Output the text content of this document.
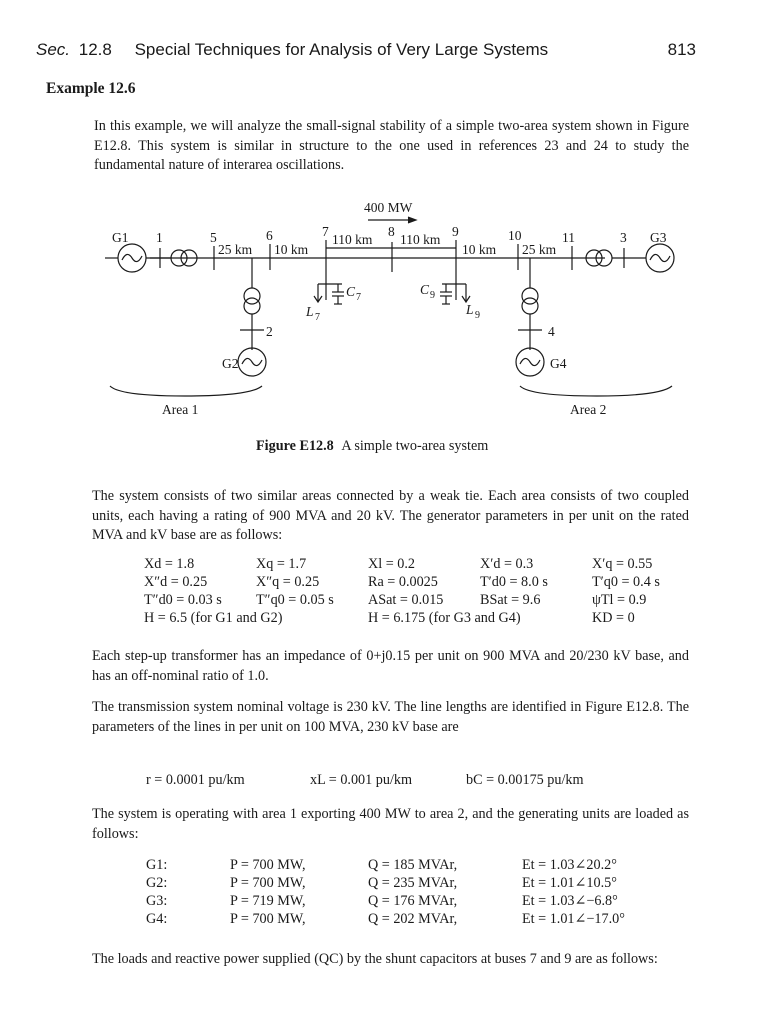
Sec. 12.8 Special Techniques for Analysis of Very Large Systems	813
Example 12.6
In this example, we will analyze the small-signal stability of a simple two-area system shown in Figure E12.8. This system is similar in structure to the one used in references 23 and 24 to study the fundamental nature of interarea oscillations.
400 MW
G1
G2
G3
G4
1	5	6	7	8	9	10	11	3
2	4
25 km 10 km
110 km 110 km
10 km 25 km
L 7
L 9
C 7
C 9
Area 1	Area 2
Figure E12.8 A simple two-area system
The system consists of two similar areas connected by a weak tie. Each area consists of two coupled units, each having a rating of 900 MVA and 20 kV. The generator parameters in per unit on the rated MVA and kV base are as follows:
Xd = 1.8	Xq = 1.7	Xl = 0.2	X′d = 0.3	X′q = 0.55
X″d = 0.25	X″q = 0.25	Ra = 0.0025	T′d0 = 8.0 s	T′q0 = 0.4 s
T″d0 = 0.03 s T″q0 = 0.05 s ASat = 0.015	BSat = 9.6	ψTl = 0.9
H = 6.5 (for G1 and G2)	H = 6.175 (for G3 and G4)	KD = 0
Each step-up transformer has an impedance of 0+j0.15 per unit on 900 MVA and 20/230 kV base, and has an off-nominal ratio of 1.0.
The transmission system nominal voltage is 230 kV. The line lengths are identified in Figure E12.8. The parameters of the lines in per unit on 100 MVA, 230 kV base are
r = 0.0001 pu/km	xL = 0.001 pu/km	bC = 0.00175 pu/km
The system is operating with area 1 exporting 400 MW to area 2, and the generating units are loaded as follows:
G1:	P = 700 MW,	Q = 185 MVAr,	Et = 1.03∠20.2°
G2:	P = 700 MW,	Q = 235 MVAr,	Et = 1.01∠10.5°
G3:	P = 719 MW,	Q = 176 MVAr,	Et = 1.03∠−6.8°
G4:	P = 700 MW,	Q = 202 MVAr,	Et = 1.01∠−17.0°
The loads and reactive power supplied (QC) by the shunt capacitors at buses 7 and 9 are as follows:
